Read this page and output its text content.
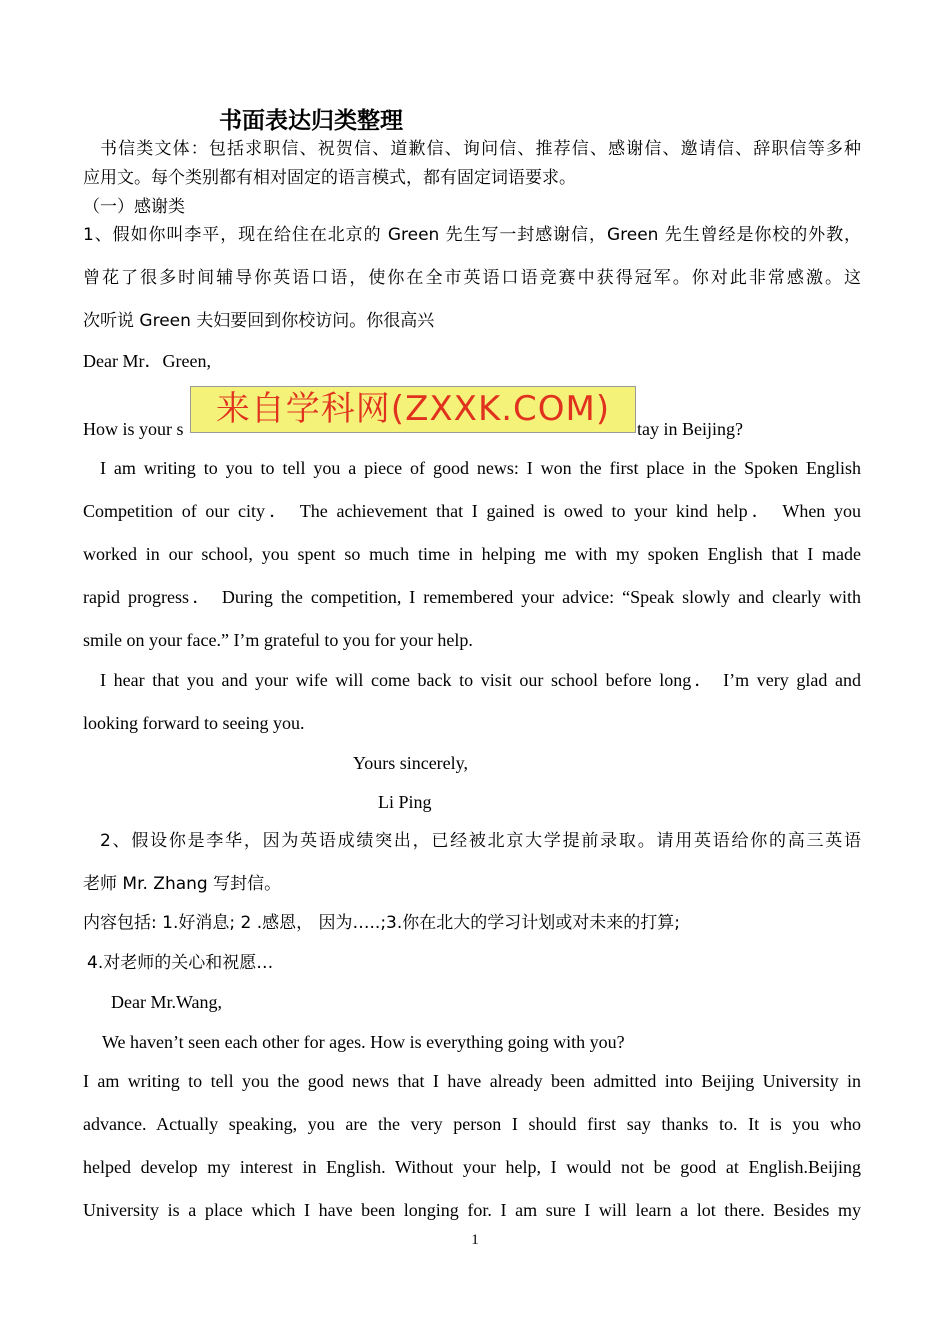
书面表达归类整理
书信类文体：包括求职信、祝贺信、道歉信、询问信、推荐信、感谢信、邀请信、辞职信等多种
应用文。每个类别都有相对固定的语言模式，都有固定词语要求。
（一）感谢类
1、假如你叫李平，现在给住在北京的 Green 先生写一封感谢信，Green 先生曾经是你校的外教，
曾花了很多时间辅导你英语口语，使你在全市英语口语竞赛中获得冠军。你对此非常感激。这
次听说 Green 夫妇要回到你校访问。你很高兴
Dear Mr．Green,
How is your s	tay in Beijing?
来自学科网(ZXXK.COM)
I am writing to you to tell you a piece of good news: I won the first place in the Spoken English
Competition of our city． The achievement that I gained is owed to your kind help． When you
worked in our school, you spent so much time in helping me with my spoken English that I made
rapid progress． During the competition, I remembered your advice: “Speak slowly and clearly with
smile on your face.” I’m grateful to you for your help.
I hear that you and your wife will come back to visit our school before long． I’m very glad and
looking forward to seeing you.
Yours sincerely,
Li Ping
2、假设你是李华，因为英语成绩突出，已经被北京大学提前录取。请用英语给你的高三英语
老师 Mr. Zhang 写封信。
内容包括: 1.好消息; 2 .感恩， 因为…..;3.你在北大的学习计划或对未来的打算;
4.对老师的关心和祝愿…
Dear Mr.Wang,
We haven’t seen each other for ages. How is everything going with you?
I am writing to tell you the good news that I have already been admitted into Beijing University in
advance. Actually speaking, you are the very person I should first say thanks to. It is you who
helped develop my interest in English. Without your help, I would not be good at English.Beijing
University is a place which I have been longing for. I am sure I will learn a lot there. Besides my
1
